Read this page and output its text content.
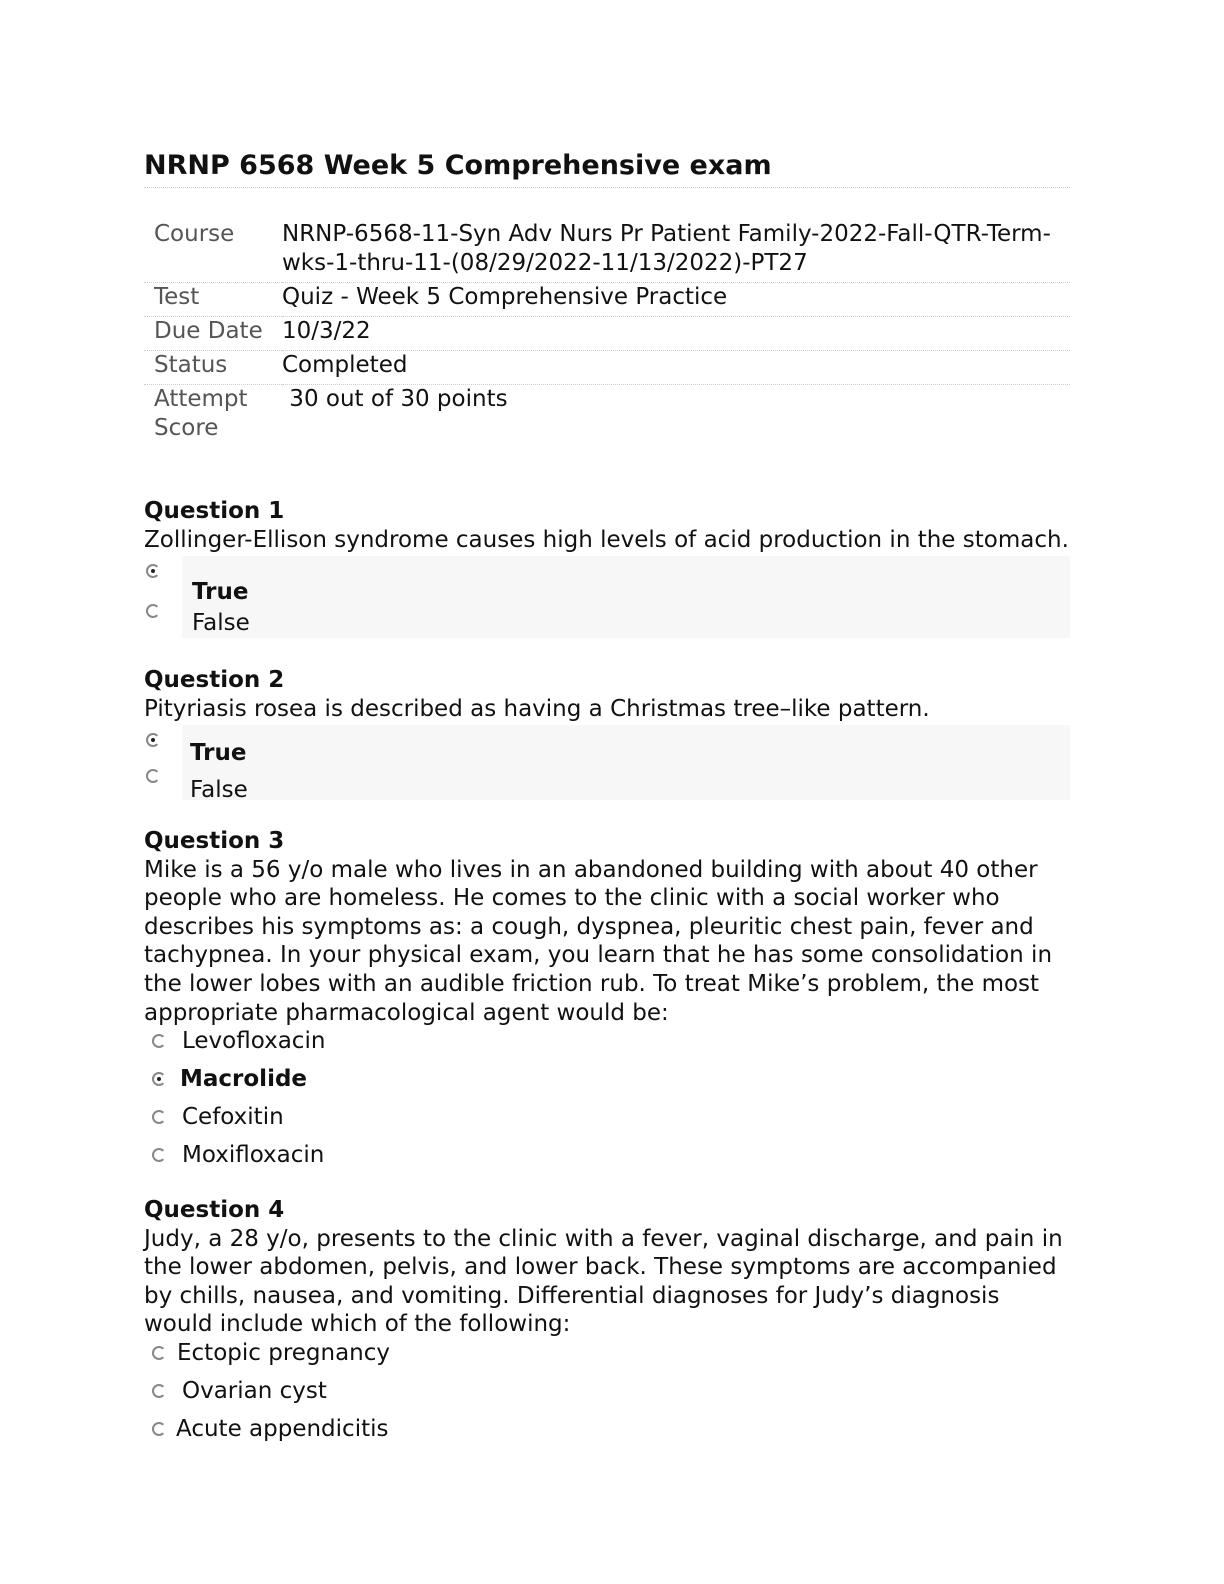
NRNP 6568 Week 5 Comprehensive exam
Course	NRNP-6568-11-Syn Adv Nurs Pr Patient Family-2022-Fall-QTR-Term-wks-1-thru-11-(08/29/2022-11/13/2022)-PT27
Test	Quiz - Week 5 Comprehensive Practice
Due Date	10/3/22
Status	Completed
Attempt Score	30 out of 30 points
Question 1
Zollinger-Ellison syndrome causes high levels of acid production in the stomach.
True
False
Question 2
Pityriasis rosea is described as having a Christmas tree–like pattern.
True
False
Question 3
Mike is a 56 y/o male who lives in an abandoned building with about 40 other people who are homeless. He comes to the clinic with a social worker who describes his symptoms as: a cough, dyspnea, pleuritic chest pain, fever and tachypnea. In your physical exam, you learn that he has some consolidation in the lower lobes with an audible friction rub. To treat Mike’s problem, the most appropriate pharmacological agent would be:
Levofloxacin
Macrolide
Cefoxitin
Moxifloxacin
Question 4
Judy, a 28 y/o, presents to the clinic with a fever, vaginal discharge, and pain in the lower abdomen, pelvis, and lower back. These symptoms are accompanied by chills, nausea, and vomiting. Differential diagnoses for Judy’s diagnosis would include which of the following:
Ectopic pregnancy
Ovarian cyst
Acute appendicitis
